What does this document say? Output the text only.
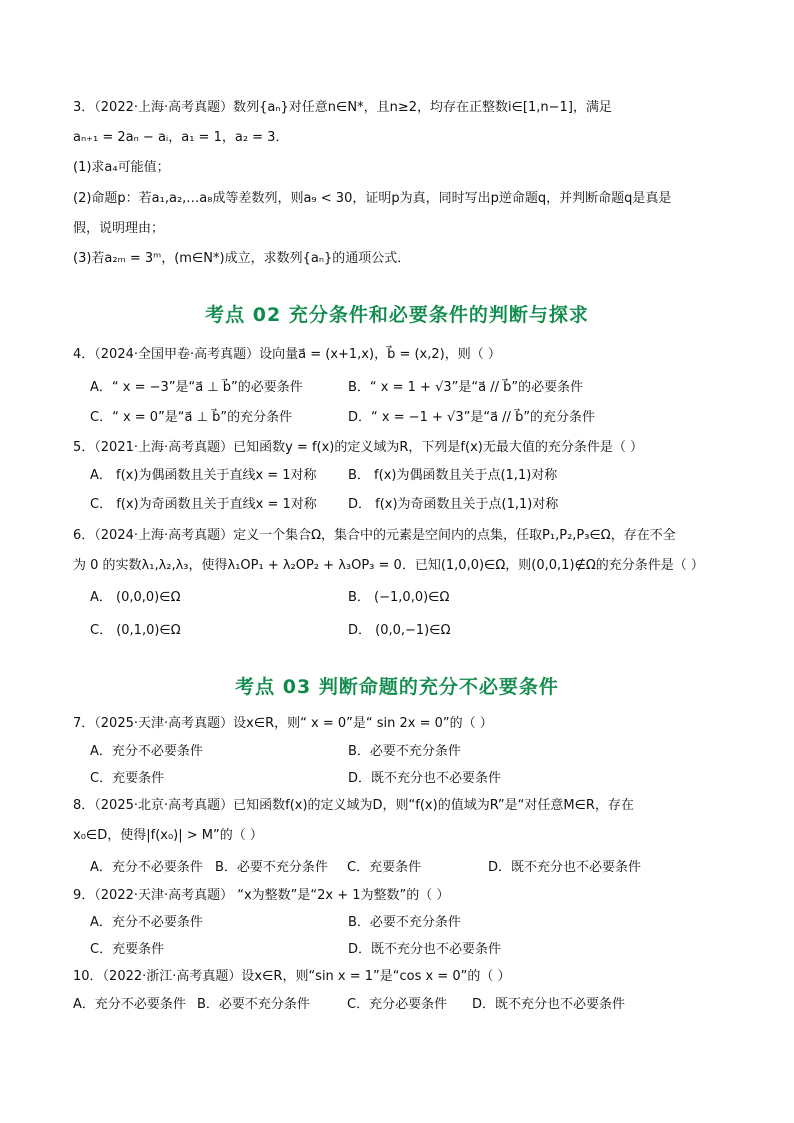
3．（2022·上海·高考真题）数列{aₙ}对任意n∈N*，且n≥2，均存在正整数i∈[1,n−1]，满足
aₙ₊₁ = 2aₙ − aᵢ，a₁ = 1，a₂ = 3．
(1)求a₄可能值；
(2)命题p：若a₁,a₂,…a₈成等差数列，则a₉ < 30，证明p为真，同时写出p逆命题q，并判断命题q是真是
假，说明理由；
(3)若a₂ₘ = 3ᵐ，(m∈N*)成立，求数列{aₙ}的通项公式．
考点 02 充分条件和必要条件的判断与探求
4．（2024·全国甲卷·高考真题）设向量a⃗ = (x+1,x)，b⃗ = (x,2)，则（ ）
A．“ x = −3”是“a⃗ ⊥ b⃗”的必要条件	B．“ x = 1 + √3”是“a⃗ // b⃗”的必要条件
C．“ x = 0”是“a⃗ ⊥ b⃗”的充分条件	D．“ x = −1 + √3”是“a⃗ // b⃗”的充分条件
5．（2021·上海·高考真题）已知函数y = f(x)的定义域为R，下列是f(x)无最大值的充分条件是（ ）
A． f(x)为偶函数且关于直线x = 1对称 B． f(x)为偶函数且关于点(1,1)对称
C． f(x)为奇函数且关于直线x = 1对称 D． f(x)为奇函数且关于点(1,1)对称
6．（2024·上海·高考真题）定义一个集合Ω，集合中的元素是空间内的点集，任取P₁,P₂,P₃∈Ω，存在不全
为 0 的实数λ₁,λ₂,λ₃，使得λ₁OP₁ + λ₂OP₂ + λ₃OP₃ = 0．已知(1,0,0)∈Ω，则(0,0,1)∉Ω的充分条件是（ ）
A． (0,0,0)∈Ω	B． (−1,0,0)∈Ω
C． (0,1,0)∈Ω	D． (0,0,−1)∈Ω
考点 03 判断命题的充分不必要条件
7．（2025·天津·高考真题）设x∈R，则“ x = 0”是“ sin 2x = 0”的（ ）
A．充分不必要条件	B．必要不充分条件
C．充要条件	D．既不充分也不必要条件
8．（2025·北京·高考真题）已知函数f(x)的定义域为D，则“f(x)的值域为R”是“对任意M∈R，存在
x₀∈D，使得|f(x₀)| > M”的（ ）
A．充分不必要条件 B．必要不充分条件 C．充要条件	D．既不充分也不必要条件
9．（2022·天津·高考真题） “x为整数”是“2x + 1为整数”的（ ）
A．充分不必要条件	B．必要不充分条件
C．充要条件	D．既不充分也不必要条件
10．（2022·浙江·高考真题）设x∈R，则“sin x = 1”是“cos x = 0”的（ ）
A．充分不必要条件 B．必要不充分条件	C．充分必要条件 D．既不充分也不必要条件
